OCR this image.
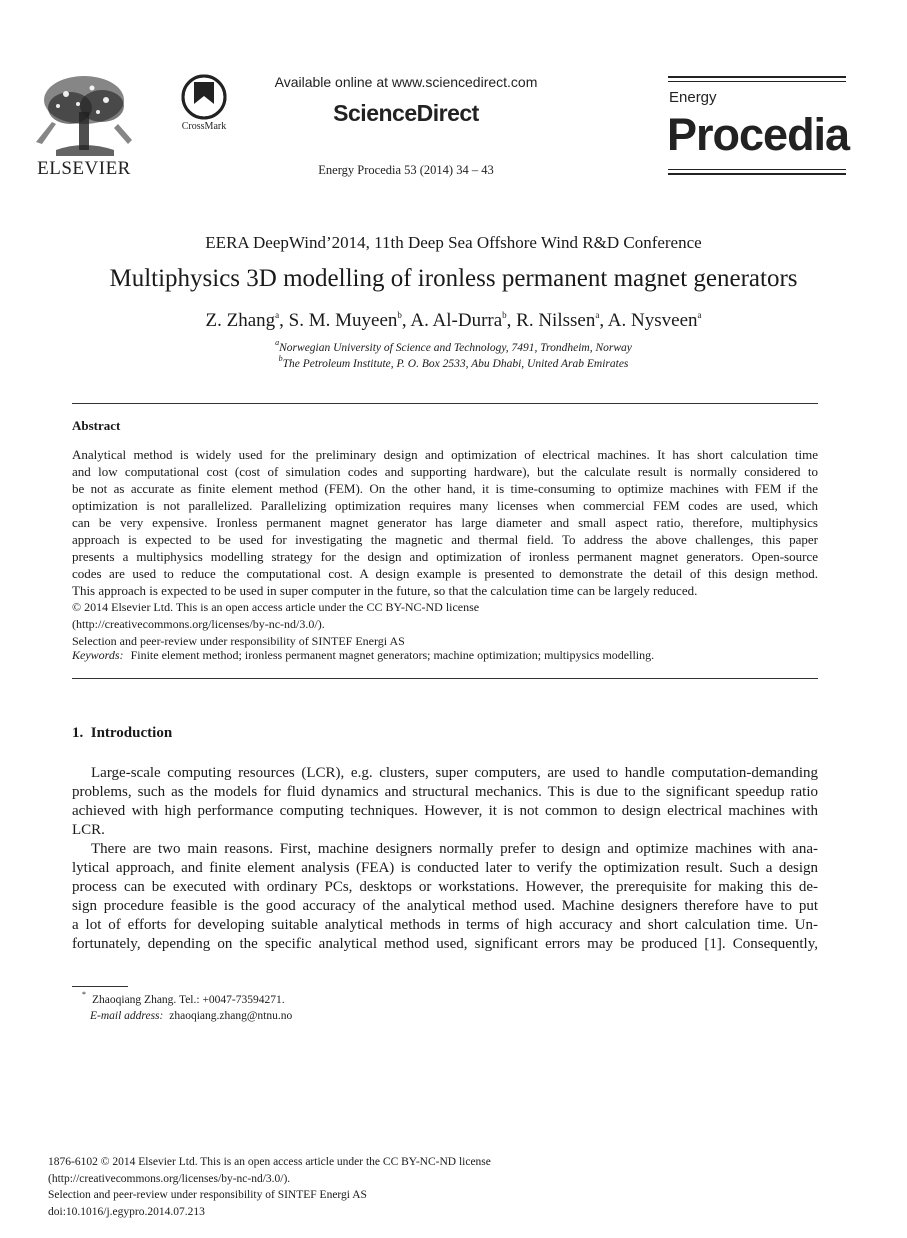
ELSEVIER
CrossMark
Available online at www.sciencedirect.com
ScienceDirect
Energy Procedia 53 (2014) 34 – 43
Energy
Procedia
EERA DeepWind’2014, 11th Deep Sea Offshore Wind R&D Conference
Multiphysics 3D modelling of ironless permanent magnet generators
Z. Zhang$^a$, S. M. Muyeen$^b$, A. Al-Durra$^b$, R. Nilssen$^a$, A. Nysveen$^a$
$^a$Norwegian University of Science and Technology, 7491, Trondheim, Norway
$^b$The Petroleum Institute, P. O. Box 2533, Abu Dhabi, United Arab Emirates
Abstract
Analytical method is widely used for the preliminary design and optimization of electrical machines. It has short calculation time
and low computational cost (cost of simulation codes and supporting hardware), but the calculate result is normally considered to
be not as accurate as finite element method (FEM). On the other hand, it is time-consuming to optimize machines with FEM if the
optimization is not parallelized. Parallelizing optimization requires many licenses when commercial FEM codes are used, which
can be very expensive. Ironless permanent magnet generator has large diameter and small aspect ratio, therefore, multiphysics
approach is expected to be used for investigating the magnetic and thermal field. To address the above challenges, this paper
presents a multiphysics modelling strategy for the design and optimization of ironless permanent magnet generators. Open-source
codes are used to reduce the computational cost. A design example is presented to demonstrate the detail of this design method.
This approach is expected to be used in super computer in the future, so that the calculation time can be largely reduced.
© 2014 Elsevier Ltd. This is an open access article under the CC BY-NC-ND license
(http://creativecommons.org/licenses/by-nc-nd/3.0/).
Selection and peer-review under responsibility of SINTEF Energi AS
Keywords: Finite element method; ironless permanent magnet generators; machine optimization; multipysics modelling.
1.  Introduction
Large-scale computing resources (LCR), e.g. clusters, super computers, are used to handle computation-demanding
problems, such as the models for fluid dynamics and structural mechanics. This is due to the significant speedup ratio
achieved with high performance computing techniques. However, it is not common to design electrical machines with
LCR.
There are two main reasons. First, machine designers normally prefer to design and optimize machines with ana-
lytical approach, and finite element analysis (FEA) is conducted later to verify the optimization result. Such a design
process can be executed with ordinary PCs, desktops or workstations. However, the prerequisite for making this de-
sign procedure feasible is the good accuracy of the analytical method used. Machine designers therefore have to put
a lot of efforts for developing suitable analytical methods in terms of high accuracy and short calculation time. Un-
fortunately, depending on the specific analytical method used, significant errors may be produced [1]. Consequently,
* Zhaoqiang Zhang. Tel.: +0047-73594271.
E-mail address: zhaoqiang.zhang@ntnu.no
1876-6102 © 2014 Elsevier Ltd. This is an open access article under the CC BY-NC-ND license
(http://creativecommons.org/licenses/by-nc-nd/3.0/).
Selection and peer-review under responsibility of SINTEF Energi AS
doi:10.1016/j.egypro.2014.07.213
